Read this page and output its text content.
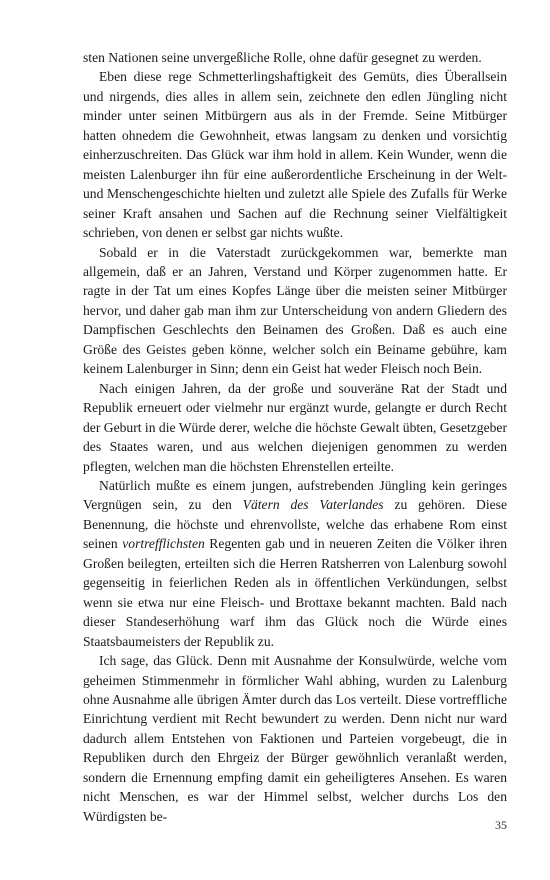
sten Nationen seine unvergeßliche Rolle, ohne dafür gesegnet zu werden.

Eben diese rege Schmetterlingshaftigkeit des Gemüts, dies Überallsein und nirgends, dies alles in allem sein, zeichnete den edlen Jüngling nicht minder unter seinen Mitbürgern aus als in der Fremde. Seine Mitbürger hatten ohnedem die Gewohnheit, etwas langsam zu denken und vorsichtig einherzuschreiten. Das Glück war ihm hold in allem. Kein Wunder, wenn die meisten Lalenburger ihn für eine außerordentliche Erscheinung in der Welt- und Menschengeschichte hielten und zuletzt alle Spiele des Zufalls für Werke seiner Kraft ansahen und Sachen auf die Rechnung seiner Vielfältigkeit schrieben, von denen er selbst gar nichts wußte.

Sobald er in die Vaterstadt zurückgekommen war, bemerkte man allgemein, daß er an Jahren, Verstand und Körper zugenommen hatte. Er ragte in der Tat um eines Kopfes Länge über die meisten seiner Mitbürger hervor, und daher gab man ihm zur Unterscheidung von andern Gliedern des Dampfischen Geschlechts den Beinamen des Großen. Daß es auch eine Größe des Geistes geben könne, welcher solch ein Beiname gebühre, kam keinem Lalenburger in Sinn; denn ein Geist hat weder Fleisch noch Bein.

Nach einigen Jahren, da der große und souveräne Rat der Stadt und Republik erneuert oder vielmehr nur ergänzt wurde, gelangte er durch Recht der Geburt in die Würde derer, welche die höchste Gewalt übten, Gesetzgeber des Staates waren, und aus welchen diejenigen genommen zu werden pflegten, welchen man die höchsten Ehrenstellen erteilte.

Natürlich mußte es einem jungen, aufstrebenden Jüngling kein geringes Vergnügen sein, zu den Vätern des Vaterlandes zu gehören. Diese Benennung, die höchste und ehrenvollste, welche das erhabene Rom einst seinen vortrefflichsten Regenten gab und in neueren Zeiten die Völker ihren Großen beilegten, erteilten sich die Herren Ratsherren von Lalenburg sowohl gegenseitig in feierlichen Reden als in öffentlichen Verkündungen, selbst wenn sie etwa nur eine Fleisch- und Brottaxe bekannt machten. Bald nach dieser Standeserhöhung warf ihm das Glück noch die Würde eines Staatsbaumeisters der Republik zu.

Ich sage, das Glück. Denn mit Ausnahme der Konsulwürde, welche vom geheimen Stimmenmehr in förmlicher Wahl abhing, wurden zu Lalenburg ohne Ausnahme alle übrigen Ämter durch das Los verteilt. Diese vortreffliche Einrichtung verdient mit Recht bewundert zu werden. Denn nicht nur ward dadurch allem Entstehen von Faktionen und Parteien vorgebeugt, die in Republiken durch den Ehrgeiz der Bürger gewöhnlich veranlaßt werden, sondern die Ernennung empfing damit ein geheiligteres Ansehen. Es waren nicht Menschen, es war der Himmel selbst, welcher durchs Los den Würdigsten be-

35
